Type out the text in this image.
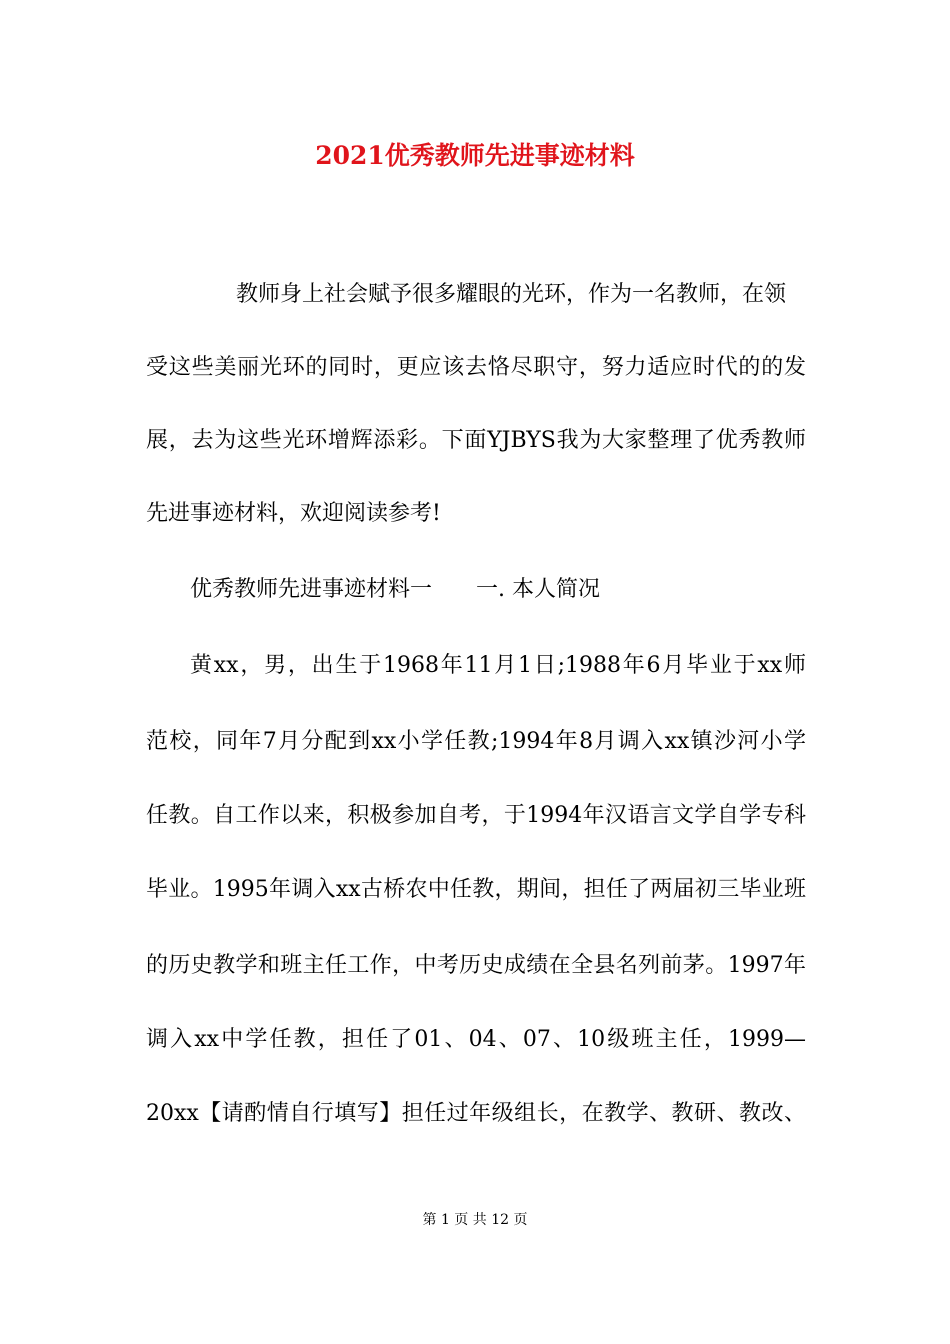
2021优秀教师先进事迹材料
教师身上社会赋予很多耀眼的光环，作为一名教师，在领
受这些美丽光环的同时，更应该去恪尽职守，努力适应时代的的发
展，去为这些光环增辉添彩。下面YJBYS我为大家整理了优秀教师
先进事迹材料，欢迎阅读参考!
优秀教师先进事迹材料一　　一. 本人简况
黄xx，男，出生于1968年11月1日;1988年6月毕业于xx师
范校，同年7月分配到xx小学任教;1994年8月调入xx镇沙河小学
任教。自工作以来，积极参加自考，于1994年汉语言文学自学专科
毕业。1995年调入xx古桥农中任教，期间，担任了两届初三毕业班
的历史教学和班主任工作，中考历史成绩在全县名列前茅。1997年
调入xx中学任教，担任了01、04、07、10级班主任，1999—
20xx【请酌情自行填写】担任过年级组长，在教学、教研、教改、
第 1 页 共 12 页
